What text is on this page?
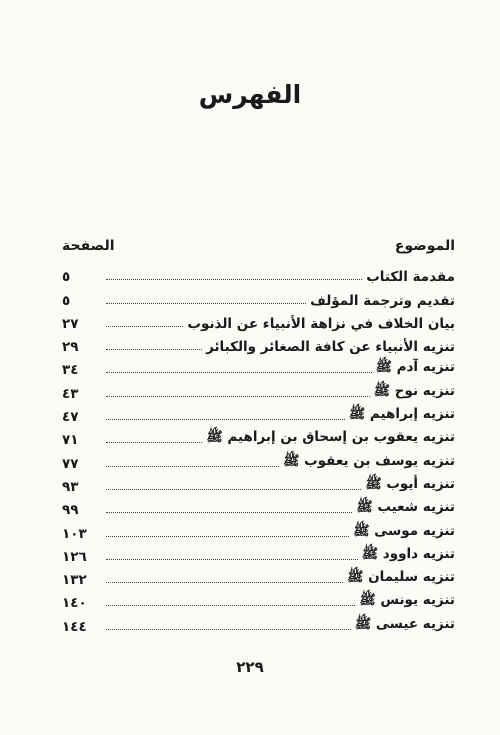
الفهرس
الموضوع
الصفحة
مقدمة الكتاب
٥
تقديم وترجمة المؤلف
٥
بيان الخلاف في نزاهة الأنبياء عن الذنوب
٢٧
تنزيه الأنبياء عن كافة الصغائر والكبائر
٢٩
تنزيه آدم ﷺ
٣٤
تنزيه نوح ﷺ
٤٣
تنزيه إبراهيم ﷺ
٤٧
تنزيه يعقوب بن إسحاق بن إبراهيم ﷺ
٧١
تنزيه يوسف بن يعقوب ﷺ
٧٧
تنزيه أيوب ﷺ
٩٣
تنزيه شعيب ﷺ
٩٩
تنزيه موسى ﷺ
١٠٣
تنزيه داوود ﷺ
١٢٦
تنزيه سليمان ﷺ
١٣٢
تنزيه يونس ﷺ
١٤٠
تنزيه عيسى ﷺ
١٤٤
٢٢٩
